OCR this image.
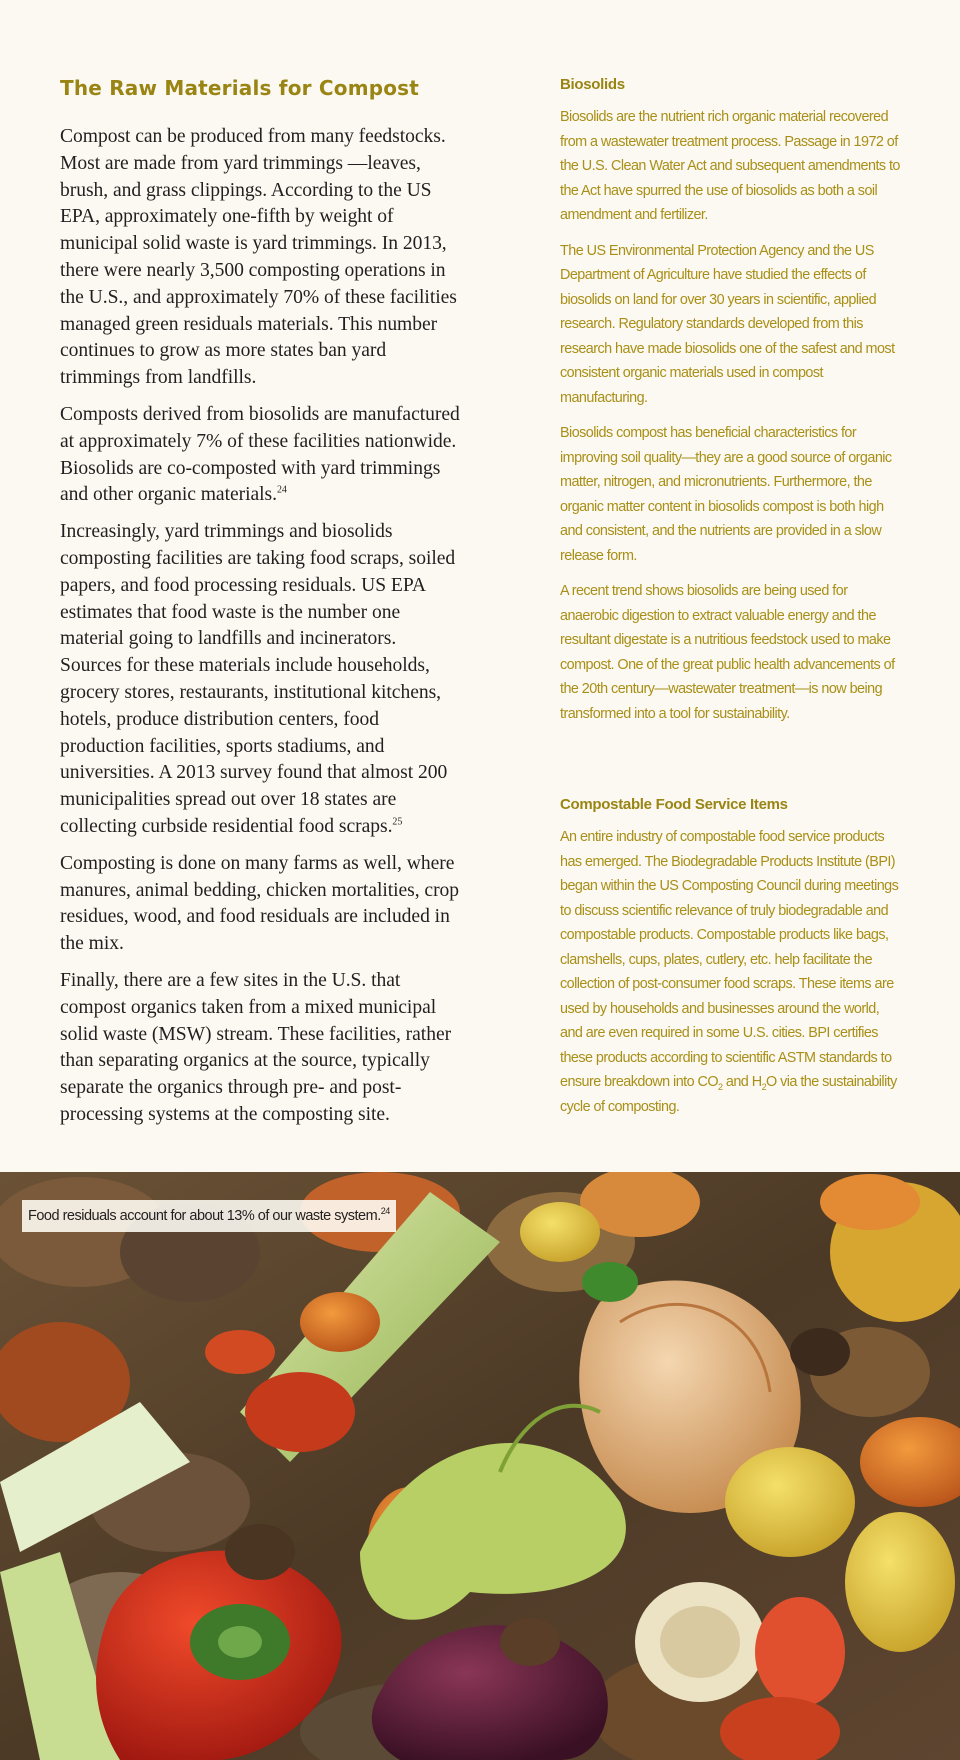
The Raw Materials for Compost

Compost can be produced from many feedstocks. Most are made from yard trimmings —leaves, brush, and grass clippings. According to the US EPA, approximately one-fifth by weight of municipal solid waste is yard trimmings. In 2013, there were nearly 3,500 composting operations in the U.S., and approximately 70% of these facilities managed green residuals materials. This number continues to grow as more states ban yard trimmings from landfills.

Composts derived from biosolids are manufactured at approximately 7% of these facilities nationwide. Biosolids are co-composted with yard trimmings and other organic materials.$^{24}$

Increasingly, yard trimmings and biosolids composting facilities are taking food scraps, soiled papers, and food processing residuals. US EPA estimates that food waste is the number one material going to landfills and incinerators. Sources for these materials include households, grocery stores, restaurants, institutional kitchens, hotels, produce distribution centers, food production facilities, sports stadiums, and universities. A 2013 survey found that almost 200 municipalities spread out over 18 states are collecting curbside residential food scraps.$^{25}$

Composting is done on many farms as well, where manures, animal bedding, chicken mortalities, crop residues, wood, and food residuals are included in the mix.

Finally, there are a few sites in the U.S. that compost organics taken from a mixed municipal solid waste (MSW) stream. These facilities, rather than separating organics at the source, typically separate the organics through pre- and post-processing systems at the composting site.

Biosolids

Biosolids are the nutrient rich organic material recovered from a wastewater treatment process. Passage in 1972 of the U.S. Clean Water Act and subsequent amendments to the Act have spurred the use of biosolids as both a soil amendment and fertilizer.

The US Environmental Protection Agency and the US Department of Agriculture have studied the effects of biosolids on land for over 30 years in scientific, applied research. Regulatory standards developed from this research have made biosolids one of the safest and most consistent organic materials used in compost manufacturing.

Biosolids compost has beneficial characteristics for improving soil quality—they are a good source of organic matter, nitrogen, and micronutrients. Furthermore, the organic matter content in biosolids compost is both high and consistent, and the nutrients are provided in a slow release form.

A recent trend shows biosolids are being used for anaerobic digestion to extract valuable energy and the resultant digestate is a nutritious feedstock used to make compost. One of the great public health advancements of the 20th century—wastewater treatment—is now being transformed into a tool for sustainability.

Compostable Food Service Items

An entire industry of compostable food service products has emerged. The Biodegradable Products Institute (BPI) began within the US Composting Council during meetings to discuss scientific relevance of truly biodegradable and compostable products. Compostable products like bags, clamshells, cups, plates, cutlery, etc. help facilitate the collection of post-consumer food scraps. These items are used by households and businesses around the world, and are even required in some U.S. cities. BPI certifies these products according to scientific ASTM standards to ensure breakdown into $CO_2$ and $H_2O$ via the sustainability cycle of composting.

Food residuals account for about 13% of our waste system.$^{24}$
